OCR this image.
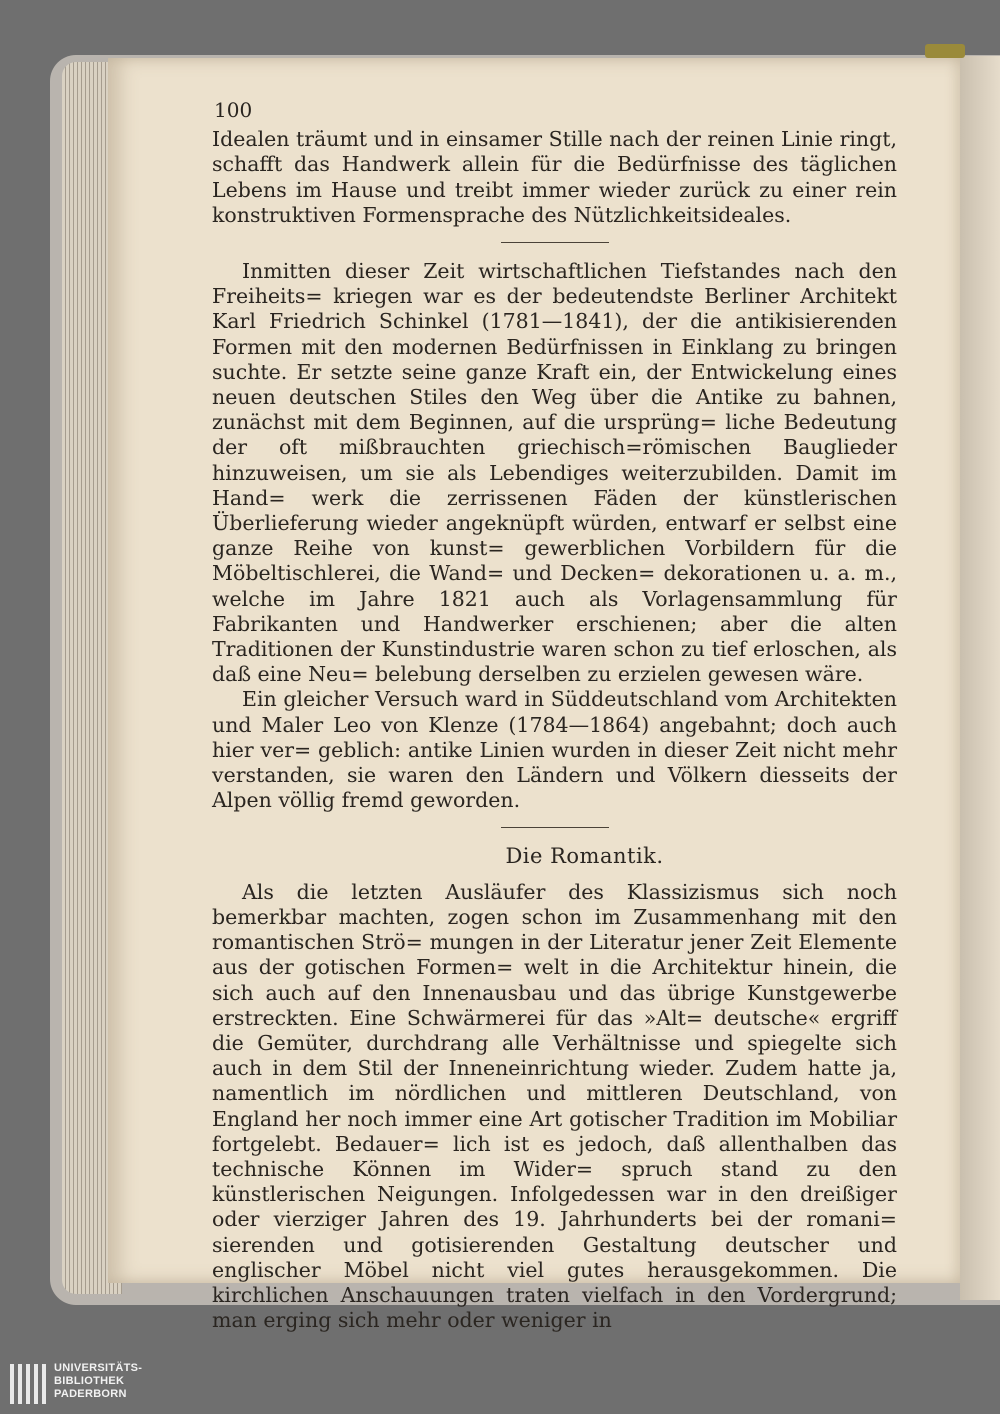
100

Idealen träumt und in einsamer Stille nach der reinen Linie ringt, schafft das Handwerk allein für die Bedürfnisse des täglichen Lebens im Hause und treibt immer wieder zurück zu einer rein konstruktiven Formensprache des Nützlichkeitsideales.

Inmitten dieser Zeit wirtschaftlichen Tiefstandes nach den Freiheits= kriegen war es der bedeutendste Berliner Architekt Karl Friedrich Schinkel (1781—1841), der die antikisierenden Formen mit den modernen Bedürfnissen in Einklang zu bringen suchte. Er setzte seine ganze Kraft ein, der Entwickelung eines neuen deutschen Stiles den Weg über die Antike zu bahnen, zunächst mit dem Beginnen, auf die ursprüng= liche Bedeutung der oft mißbrauchten griechisch=römischen Bauglieder hinzuweisen, um sie als Lebendiges weiterzubilden. Damit im Hand= werk die zerrissenen Fäden der künstlerischen Überlieferung wieder angeknüpft würden, entwarf er selbst eine ganze Reihe von kunst= gewerblichen Vorbildern für die Möbeltischlerei, die Wand= und Decken= dekorationen u. a. m., welche im Jahre 1821 auch als Vorlagensammlung für Fabrikanten und Handwerker erschienen; aber die alten Traditionen der Kunstindustrie waren schon zu tief erloschen, als daß eine Neu= belebung derselben zu erzielen gewesen wäre.

Ein gleicher Versuch ward in Süddeutschland vom Architekten und Maler Leo von Klenze (1784—1864) angebahnt; doch auch hier ver= geblich: antike Linien wurden in dieser Zeit nicht mehr verstanden, sie waren den Ländern und Völkern diesseits der Alpen völlig fremd geworden.

Die Romantik.

Als die letzten Ausläufer des Klassizismus sich noch bemerkbar machten, zogen schon im Zusammenhang mit den romantischen Strö= mungen in der Literatur jener Zeit Elemente aus der gotischen Formen= welt in die Architektur hinein, die sich auch auf den Innenausbau und das übrige Kunstgewerbe erstreckten. Eine Schwärmerei für das »Alt= deutsche« ergriff die Gemüter, durchdrang alle Verhältnisse und spiegelte sich auch in dem Stil der Inneneinrichtung wieder. Zudem hatte ja, namentlich im nördlichen und mittleren Deutschland, von England her noch immer eine Art gotischer Tradition im Mobiliar fortgelebt. Bedauer= lich ist es jedoch, daß allenthalben das technische Können im Wider= spruch stand zu den künstlerischen Neigungen. Infolgedessen war in den dreißiger oder vierziger Jahren des 19. Jahrhunderts bei der romani= sierenden und gotisierenden Gestaltung deutscher und englischer Möbel nicht viel gutes herausgekommen. Die kirchlichen Anschauungen traten vielfach in den Vordergrund; man erging sich mehr oder weniger in

UNIVERSITÄTS-
BIBLIOTHEK
PADERBORN
